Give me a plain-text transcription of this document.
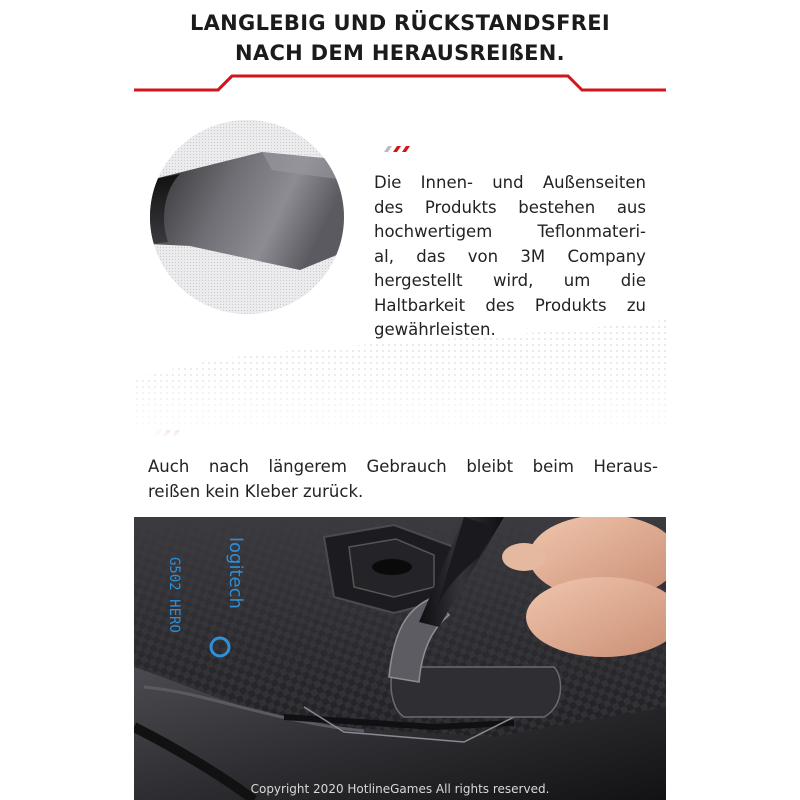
LANGLEBIG UND RÜCKSTANDSFREI
NACH DEM HERAUSREIßEN.
Die Innen- und Außenseiten
des Produkts bestehen aus
hochwertigem	Teflonmateri-
al, das von 3M Company
hergestellt wird, um die
Haltbarkeit des Produkts zu
gewährleisten.
Auch nach längerem Gebrauch bleibt beim Heraus-
reißen kein Kleber zurück.
logitech
G502 HERO
Copyright 2020 HotlineGames All rights reserved.
